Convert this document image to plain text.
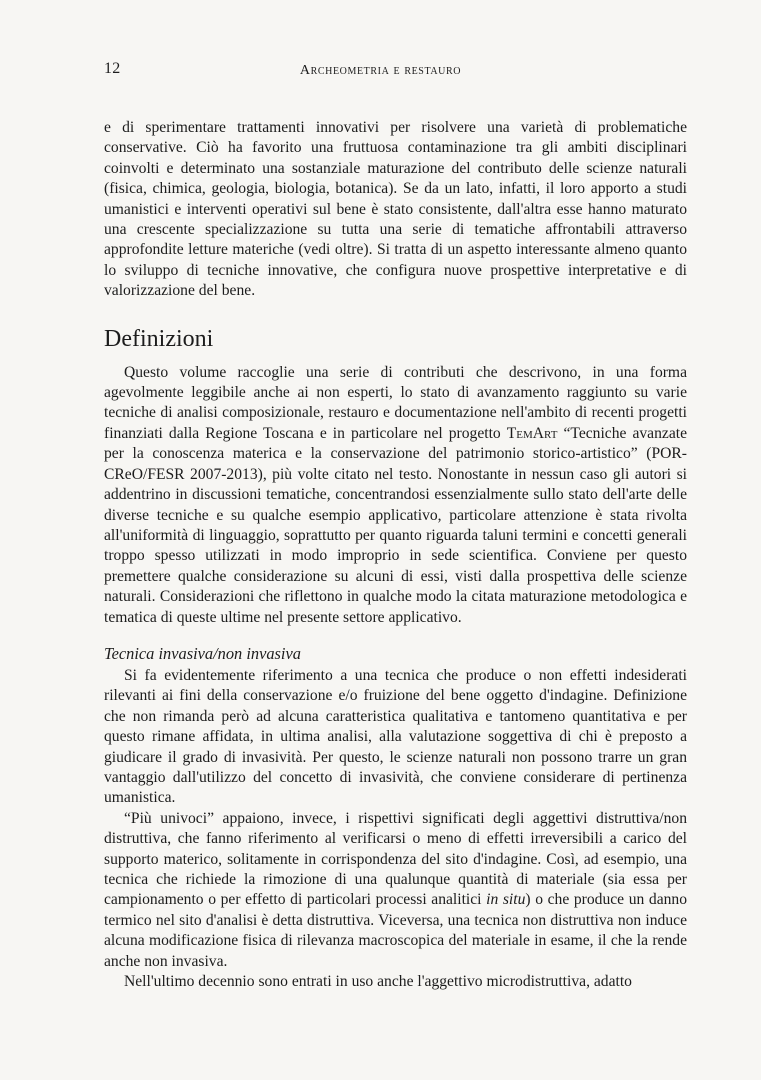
12	Archeometria e restauro

e di sperimentare trattamenti innovativi per risolvere una varietà di problematiche conservative. Ciò ha favorito una fruttuosa contaminazione tra gli ambiti disciplinari coinvolti e determinato una sostanziale maturazione del contributo delle scienze naturali (fisica, chimica, geologia, biologia, botanica). Se da un lato, infatti, il loro apporto a studi umanistici e interventi operativi sul bene è stato consistente, dall'altra esse hanno maturato una crescente specializzazione su tutta una serie di tematiche affrontabili attraverso approfondite letture materiche (vedi oltre). Si tratta di un aspetto interessante almeno quanto lo sviluppo di tecniche innovative, che configura nuove prospettive interpretative e di valorizzazione del bene.

Definizioni

Questo volume raccoglie una serie di contributi che descrivono, in una forma agevolmente leggibile anche ai non esperti, lo stato di avanzamento raggiunto su varie tecniche di analisi composizionale, restauro e documentazione nell'ambito di recenti progetti finanziati dalla Regione Toscana e in particolare nel progetto TemArt “Tecniche avanzate per la conoscenza materica e la conservazione del patrimonio storico-artistico” (POR-CReO/FESR 2007-2013), più volte citato nel testo. Nonostante in nessun caso gli autori si addentrino in discussioni tematiche, concentrandosi essenzialmente sullo stato dell'arte delle diverse tecniche e su qualche esempio applicativo, particolare attenzione è stata rivolta all'uniformità di linguaggio, soprattutto per quanto riguarda taluni termini e concetti generali troppo spesso utilizzati in modo improprio in sede scientifica. Conviene per questo premettere qualche considerazione su alcuni di essi, visti dalla prospettiva delle scienze naturali. Considerazioni che riflettono in qualche modo la citata maturazione metodologica e tematica di queste ultime nel presente settore applicativo.

Tecnica invasiva/non invasiva

Si fa evidentemente riferimento a una tecnica che produce o non effetti indesiderati rilevanti ai fini della conservazione e/o fruizione del bene oggetto d'indagine. Definizione che non rimanda però ad alcuna caratteristica qualitativa e tantomeno quantitativa e per questo rimane affidata, in ultima analisi, alla valutazione soggettiva di chi è preposto a giudicare il grado di invasività. Per questo, le scienze naturali non possono trarre un gran vantaggio dall'utilizzo del concetto di invasività, che conviene considerare di pertinenza umanistica.

“Più univoci” appaiono, invece, i rispettivi significati degli aggettivi distruttiva/non distruttiva, che fanno riferimento al verificarsi o meno di effetti irreversibili a carico del supporto materico, solitamente in corrispondenza del sito d'indagine. Così, ad esempio, una tecnica che richiede la rimozione di una qualunque quantità di materiale (sia essa per campionamento o per effetto di particolari processi analitici in situ) o che produce un danno termico nel sito d'analisi è detta distruttiva. Viceversa, una tecnica non distruttiva non induce alcuna modificazione fisica di rilevanza macroscopica del materiale in esame, il che la rende anche non invasiva.

Nell'ultimo decennio sono entrati in uso anche l'aggettivo microdistruttiva, adatto
